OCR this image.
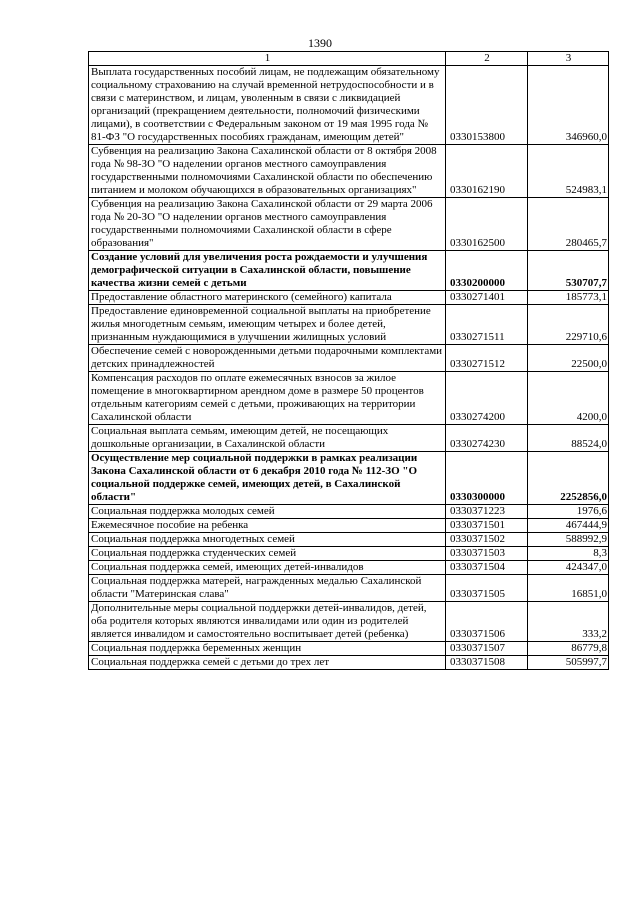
1390
1	2	3
Выплата государственных пособий лицам, не подлежащим обязательному социальному страхованию на случай временной нетрудоспособности и в связи с материнством, и лицам, уволенным в связи с ликвидацией организаций (прекращением деятельности, полномочий физическими лицами), в соответствии с Федеральным законом от 19 мая 1995 года № 81-ФЗ "О государственных пособиях гражданам, имеющим детей"	0330153800	346960,0
Субвенция на реализацию Закона Сахалинской области от 8 октября 2008 года № 98-ЗО "О наделении органов местного самоуправления государственными полномочиями Сахалинской области по обеспечению питанием и молоком обучающихся в образовательных организациях"	0330162190	524983,1
Субвенция на реализацию Закона Сахалинской области от 29 марта 2006 года № 20-ЗО "О наделении органов местного самоуправления государственными полномочиями Сахалинской области в сфере образования"	0330162500	280465,7
Создание условий для увеличения роста рождаемости и улучшения демографической ситуации в Сахалинской области, повышение качества жизни семей с детьми	0330200000	530707,7
Предоставление областного материнского (семейного) капитала	0330271401	185773,1
Предоставление единовременной социальной выплаты на приобретение жилья многодетным семьям, имеющим четырех и более детей, признанным нуждающимися в улучшении жилищных условий	0330271511	229710,6
Обеспечение семей с новорожденными детьми подарочными комплектами детских принадлежностей	0330271512	22500,0
Компенсация расходов по оплате ежемесячных взносов за жилое помещение в многоквартирном арендном доме в размере 50 процентов отдельным категориям семей с детьми, проживающих на территории Сахалинской области	0330274200	4200,0
Социальная выплата семьям, имеющим детей, не посещающих дошкольные организации, в Сахалинской области	0330274230	88524,0
Осуществление мер социальной поддержки в рамках реализации Закона Сахалинской области от 6 декабря 2010 года № 112-ЗО "О социальной поддержке семей, имеющих детей, в Сахалинской области"	0330300000	2252856,0
Социальная поддержка молодых семей	0330371223	1976,6
Ежемесячное пособие на ребенка	0330371501	467444,9
Социальная поддержка многодетных семей	0330371502	588992,9
Социальная поддержка студенческих семей	0330371503	8,3
Социальная поддержка семей, имеющих детей-инвалидов	0330371504	424347,0
Социальная поддержка матерей, награжденных медалью Сахалинской области "Материнская слава"	0330371505	16851,0
Дополнительные меры социальной поддержки детей-инвалидов, детей, оба родителя которых являются инвалидами или один из родителей является инвалидом и самостоятельно воспитывает детей (ребенка)	0330371506	333,2
Социальная поддержка беременных женщин	0330371507	86779,8
Социальная поддержка семей с детьми до трех лет	0330371508	505997,7
